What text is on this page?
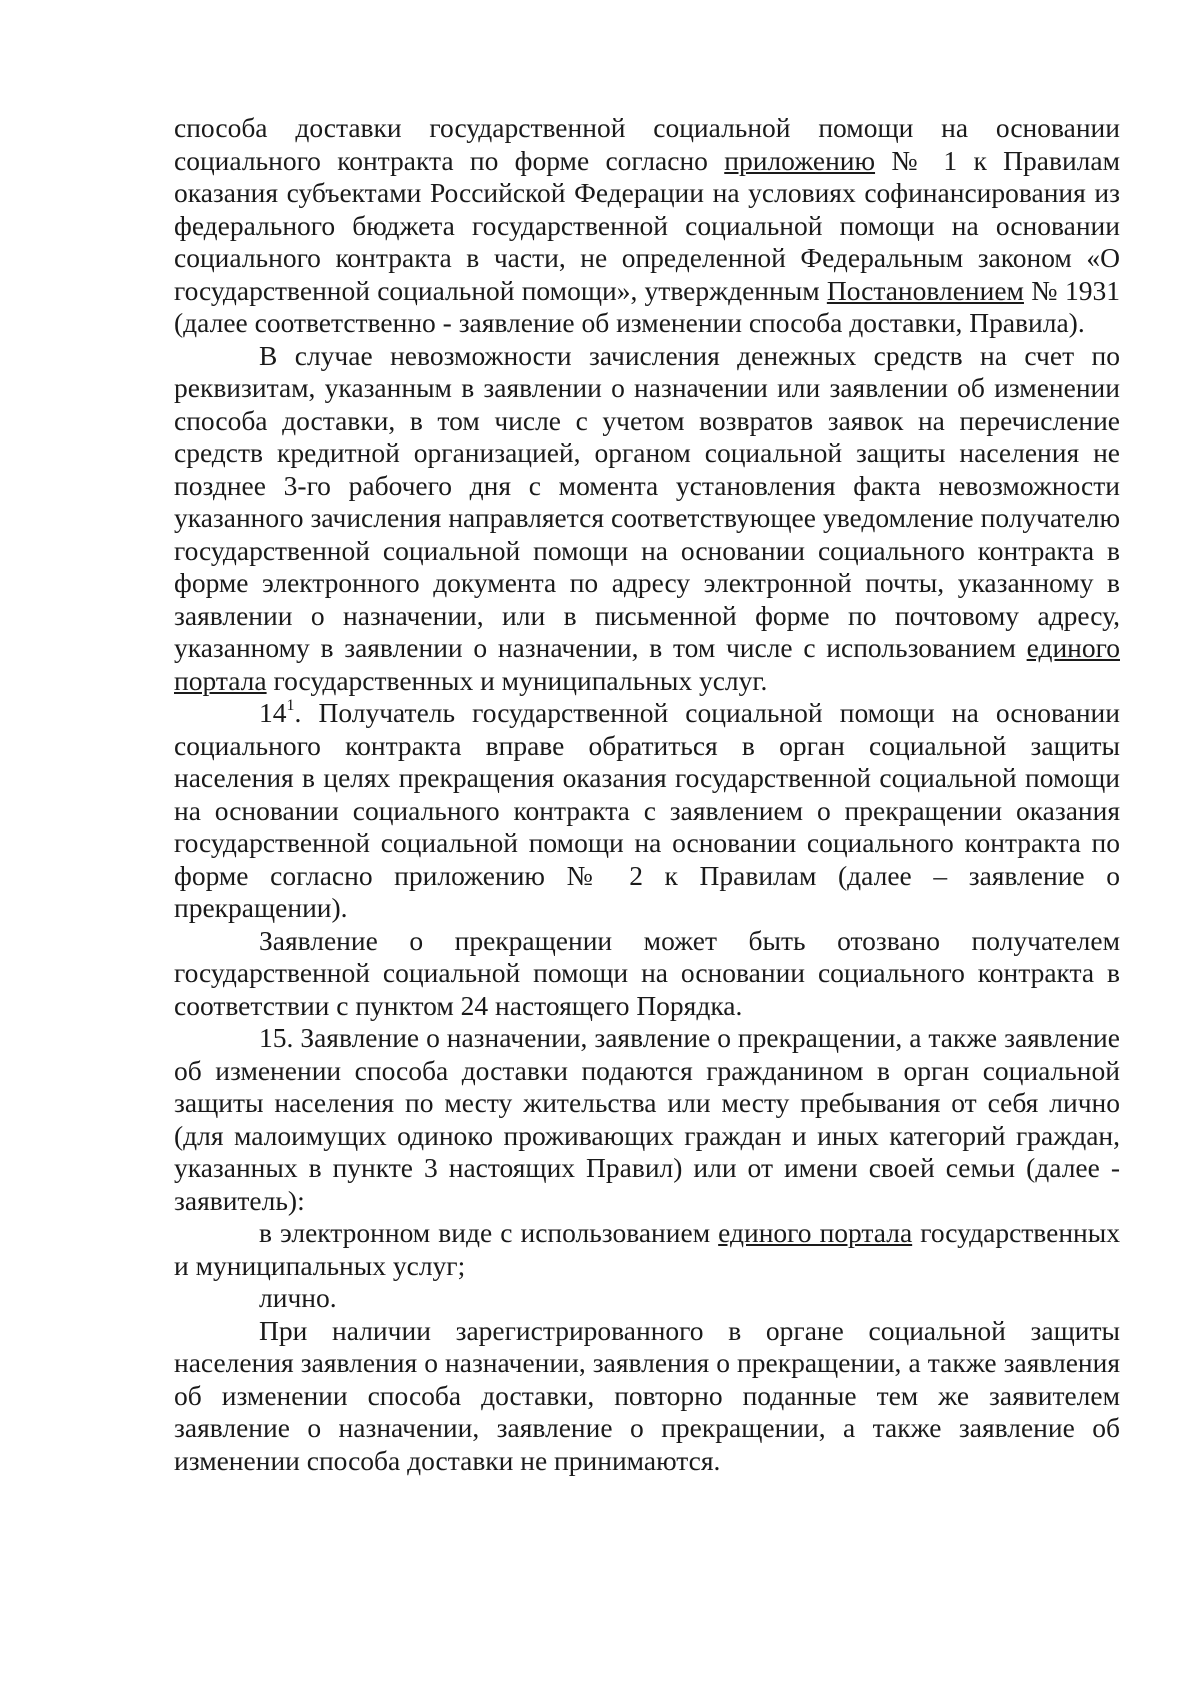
способа доставки государственной социальной помощи на основании социального контракта по форме согласно приложению № 1 к Правилам оказания субъектами Российской Федерации на условиях софинансирования из федерального бюджета государственной социальной помощи на основании социального контракта в части, не определенной Федеральным законом «О государственной социальной помощи», утвержденным Постановлением № 1931 (далее соответственно - заявление об изменении способа доставки, Правила).

В случае невозможности зачисления денежных средств на счет по реквизитам, указанным в заявлении о назначении или заявлении об изменении способа доставки, в том числе с учетом возвратов заявок на перечисление средств кредитной организацией, органом социальной защиты населения не позднее 3-го рабочего дня с момента установления факта невозможности указанного зачисления направляется соответствующее уведомление получателю государственной социальной помощи на основании социального контракта в форме электронного документа по адресу электронной почты, указанному в заявлении о назначении, или в письменной форме по почтовому адресу, указанному в заявлении о назначении, в том числе с использованием единого портала государственных и муниципальных услуг.

$14^1$. Получатель государственной социальной помощи на основании социального контракта вправе обратиться в орган социальной защиты населения в целях прекращения оказания государственной социальной помощи на основании социального контракта с заявлением о прекращении оказания государственной социальной помощи на основании социального контракта по форме согласно приложению № 2 к Правилам (далее – заявление о прекращении).

Заявление о прекращении может быть отозвано получателем государственной социальной помощи на основании социального контракта в соответствии с пунктом 24 настоящего Порядка.

15. Заявление о назначении, заявление о прекращении, а также заявление об изменении способа доставки подаются гражданином в орган социальной защиты населения по месту жительства или месту пребывания от себя лично (для малоимущих одиноко проживающих граждан и иных категорий граждан, указанных в пункте 3 настоящих Правил) или от имени своей семьи (далее - заявитель):

в электронном виде с использованием единого портала государственных и муниципальных услуг;

лично.

При наличии зарегистрированного в органе социальной защиты населения заявления о назначении, заявления о прекращении, а также заявления об изменении способа доставки, повторно поданные тем же заявителем заявление о назначении, заявление о прекращении, а также заявление об изменении способа доставки не принимаются.
